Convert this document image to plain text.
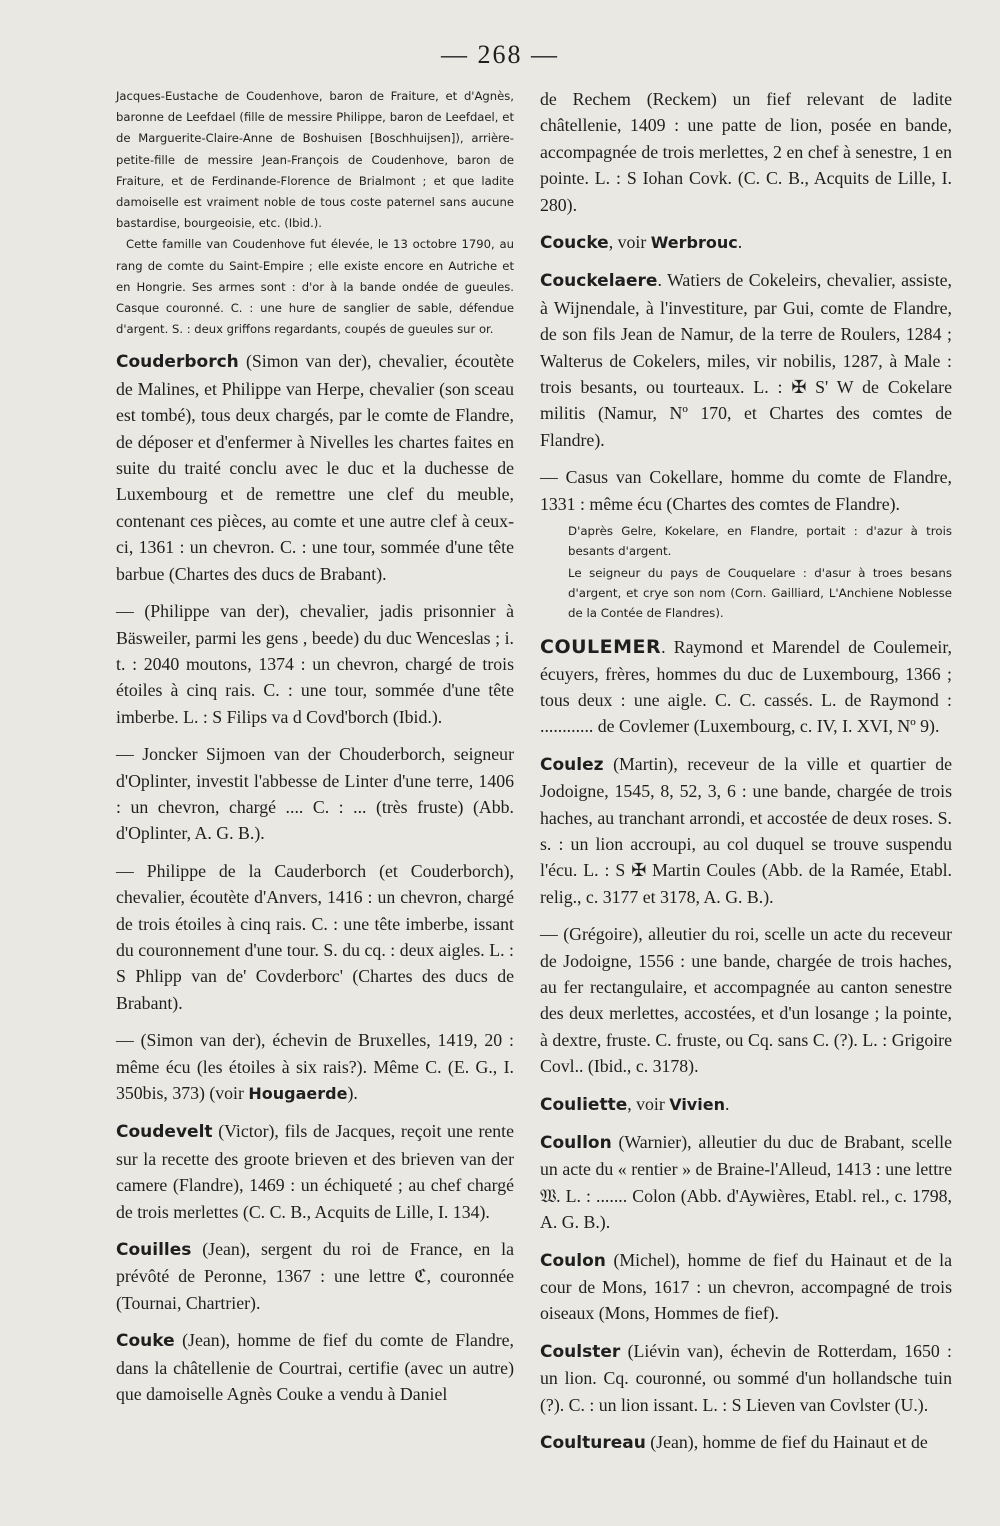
— 268 —

Jacques-Eustache de Coudenhove, baron de Fraiture, et d'Agnès, baronne de Leefdael (fille de messire Philippe, baron de Leefdael, et de Marguerite-Claire-Anne de Boshuisen [Boschhuijsen]), arrière-petite-fille de messire Jean-François de Coudenhove, baron de Fraiture, et de Ferdinande-Florence de Brialmont ; et que ladite damoiselle est vraiment noble de tous coste paternel sans aucune bastardise, bourgeoisie, etc. (Ibid.).

Cette famille van Coudenhove fut élevée, le 13 octobre 1790, au rang de comte du Saint-Empire ; elle existe encore en Autriche et en Hongrie. Ses armes sont : d'or à la bande ondée de gueules. Casque couronné. C. : une hure de sanglier de sable, défendue d'argent. S. : deux griffons regardants, coupés de gueules sur or.

Couderborch (Simon van der), chevalier, écoutète de Malines, et Philippe van Herpe, chevalier (son sceau est tombé), tous deux chargés, par le comte de Flandre, de déposer et d'enfermer à Nivelles les chartes faites en suite du traité conclu avec le duc et la duchesse de Luxembourg et de remettre une clef du meuble, contenant ces pièces, au comte et une autre clef à ceux-ci, 1361 : un chevron. C. : une tour, sommée d'une tête barbue (Chartes des ducs de Brabant).

— (Philippe van der), chevalier, jadis prisonnier à Bäsweiler, parmi les gens , beede) du duc Wenceslas ; i. t. : 2040 moutons, 1374 : un chevron, chargé de trois étoiles à cinq rais. C. : une tour, sommée d'une tête imberbe. L. : S Filips va d Covd'borch (Ibid.).

— Joncker Sijmoen van der Chouderborch, seigneur d'Oplinter, investit l'abbesse de Linter d'une terre, 1406 : un chevron, chargé .... C. : ... (très fruste) (Abb. d'Oplinter, A. G. B.).

— Philippe de la Cauderborch (et Couderborch), chevalier, écoutète d'Anvers, 1416 : un chevron, chargé de trois étoiles à cinq rais. C. : une tête imberbe, issant du couronnement d'une tour. S. du cq. : deux aigles. L. : S Phlipp van de' Covderborc' (Chartes des ducs de Brabant).

— (Simon van der), échevin de Bruxelles, 1419, 20 : même écu (les étoiles à six rais?). Même C. (E. G., I. 350bis, 373) (voir Hougaerde).

Coudevelt (Victor), fils de Jacques, reçoit une rente sur la recette des groote brieven et des brieven van der camere (Flandre), 1469 : un échiqueté ; au chef chargé de trois merlettes (C. C. B., Acquits de Lille, I. 134).

Couilles (Jean), sergent du roi de France, en la prévôté de Peronne, 1367 : une lettre ℭ, couronnée (Tournai, Chartrier).

Couke (Jean), homme de fief du comte de Flandre, dans la châtellenie de Courtrai, certifie (avec un autre) que damoiselle Agnès Couke a vendu à Daniel

de Rechem (Reckem) un fief relevant de ladite châtellenie, 1409 : une patte de lion, posée en bande, accompagnée de trois merlettes, 2 en chef à senestre, 1 en pointe. L. : S Iohan Covk. (C. C. B., Acquits de Lille, I. 280).

Coucke, voir Werbrouc.

Couckelaere. Watiers de Cokeleirs, chevalier, assiste, à Wijnendale, à l'investiture, par Gui, comte de Flandre, de son fils Jean de Namur, de la terre de Roulers, 1284 ; Walterus de Cokelers, miles, vir nobilis, 1287, à Male : trois besants, ou tourteaux. L. : ✠ S' W de Cokelare militis (Namur, Nº 170, et Chartes des comtes de Flandre).

— Casus van Cokellare, homme du comte de Flandre, 1331 : même écu (Chartes des comtes de Flandre).

D'après Gelre, Kokelare, en Flandre, portait : d'azur à trois besants d'argent.

Le seigneur du pays de Couquelare : d'asur à troes besans d'argent, et crye son nom (Corn. Gailliard, L'Anchiene Noblesse de la Contée de Flandres).

COULEMER. Raymond et Marendel de Coulemeir, écuyers, frères, hommes du duc de Luxembourg, 1366 ; tous deux : une aigle. C. C. cassés. L. de Raymond : ............ de Covlemer (Luxembourg, c. IV, I. XVI, Nº 9).

Coulez (Martin), receveur de la ville et quartier de Jodoigne, 1545, 8, 52, 3, 6 : une bande, chargée de trois haches, au tranchant arrondi, et accostée de deux roses. S. s. : un lion accroupi, au col duquel se trouve suspendu l'écu. L. : S ✠ Martin Coules (Abb. de la Ramée, Etabl. relig., c. 3177 et 3178, A. G. B.).

— (Grégoire), alleutier du roi, scelle un acte du receveur de Jodoigne, 1556 : une bande, chargée de trois haches, au fer rectangulaire, et accompagnée au canton senestre des deux merlettes, accostées, et d'un losange ; la pointe, à dextre, fruste. C. fruste, ou Cq. sans C. (?). L. : Grigoire Covl.. (Ibid., c. 3178).

Couliette, voir Vivien.

Coullon (Warnier), alleutier du duc de Brabant, scelle un acte du « rentier » de Braine-l'Alleud, 1413 : une lettre 𝔚. L. : ....... Colon (Abb. d'Aywières, Etabl. rel., c. 1798, A. G. B.).

Coulon (Michel), homme de fief du Hainaut et de la cour de Mons, 1617 : un chevron, accompagné de trois oiseaux (Mons, Hommes de fief).

Coulster (Liévin van), échevin de Rotterdam, 1650 : un lion. Cq. couronné, ou sommé d'un hollandsche tuin (?). C. : un lion issant. L. : S Lieven van Covlster (U.).

Coultureau (Jean), homme de fief du Hainaut et de
